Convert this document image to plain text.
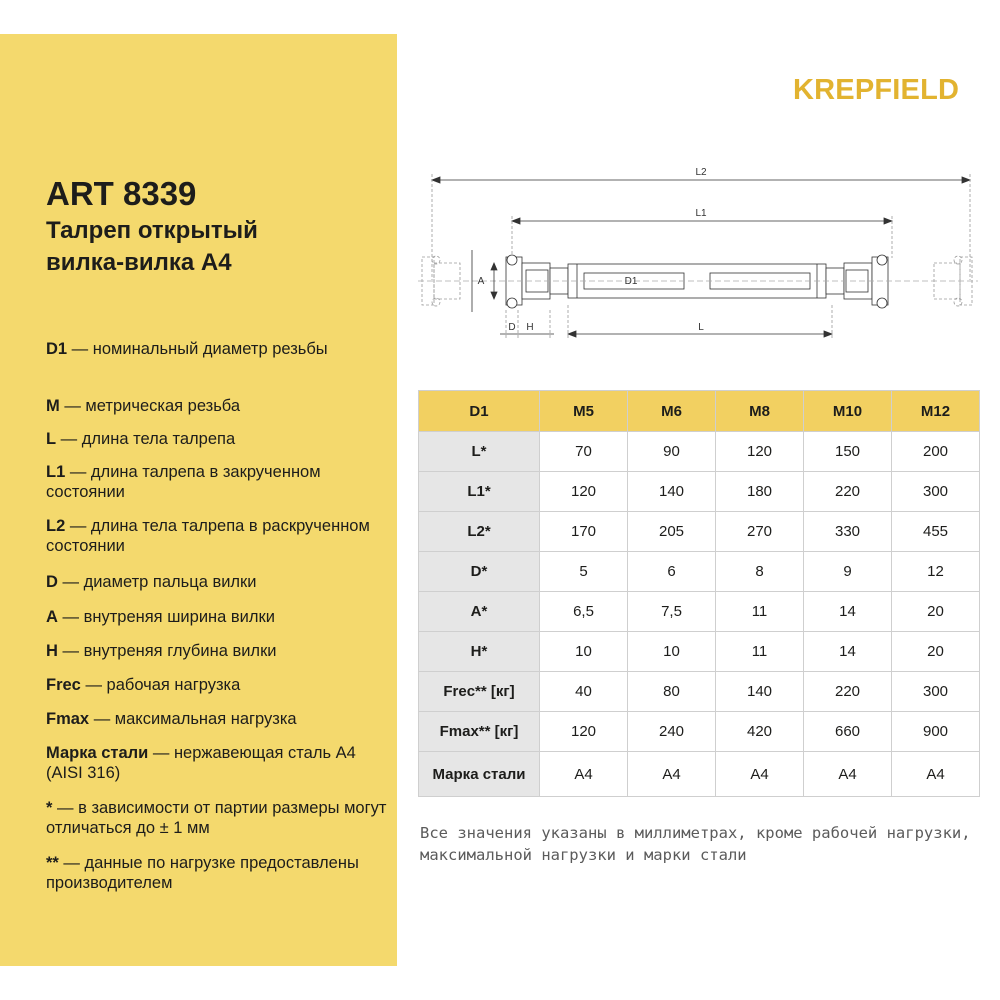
ART 8339
Талреп открытый
вилка-вилка А4
D1 — номинальный диаметр резьбы
M — метрическая резьба
L — длина тела талрепа
L1 — длина талрепа в закрученном состоянии
L2 — длина тела талрепа в раскрученном состоянии
D — диаметр пальца вилки
A — внутреняя ширина вилки
H — внутреняя глубина вилки
Frec — рабочая нагрузка
Fmax — максимальная нагрузка
Марка стали — нержавеющая сталь А4 (AISI 316)
* — в зависимости от партии размеры могут отличаться до ± 1 мм
** — данные по нагрузке предоставлены производителем
KREPFIELD
L2
L1
L
A	D1
D H
D1	M5	M6	M8	M10	M12
L*	70	90	120	150	200
L1*	120	140	180	220	300
L2*	170	205	270	330	455
D*	5	6	8	9	12
A*	6,5	7,5	11	14	20
H*	10	10	11	14	20
Frec** [кг]	40	80	140	220	300
Fmax** [кг]	120	240	420	660	900
Марка стали	A4	A4	A4	A4	A4
Все значения указаны в миллиметрах, кроме рабочей нагрузки, максимальной нагрузки и марки стали
